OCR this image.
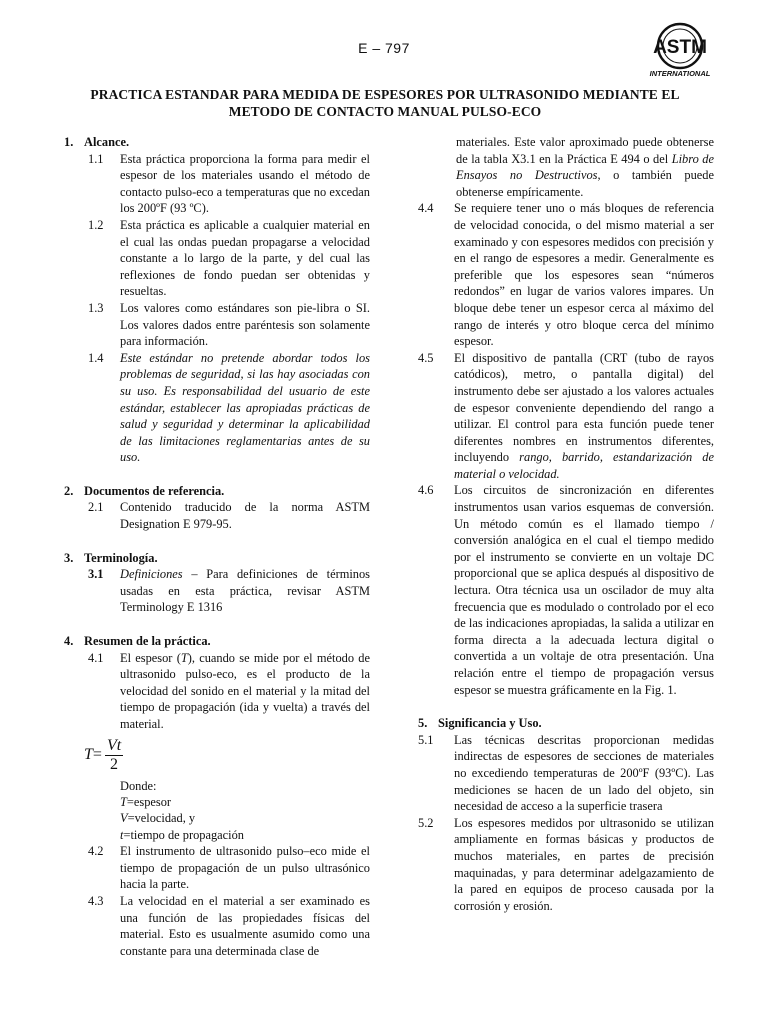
E – 797	ASTM
INTERNATIONAL
PRACTICA ESTANDAR PARA MEDIDA DE ESPESORES POR ULTRASONIDO MEDIANTE EL
METODO DE CONTACTO MANUAL PULSO-ECO
1. Alcance.
1.1	Esta práctica proporciona la forma para medir el espesor de los materiales usando el método de contacto pulso-eco a temperaturas que no excedan los 200ºF (93 ºC).
1.2	Esta práctica es aplicable a cualquier material en el cual las ondas puedan propagarse a velocidad constante a lo largo de la parte, y del cual las reflexiones de fondo puedan ser obtenidas y resueltas.
1.3	Los valores como estándares son pie-libra o SI. Los valores dados entre paréntesis son solamente para información.
1.4	Este estándar no pretende abordar todos los problemas de seguridad, si las hay asociadas con su uso. Es responsabilidad del usuario de este estándar, establecer las apropiadas prácticas de salud y seguridad y determinar la aplicabilidad de las limitaciones reglamentarias antes de su uso.
2. Documentos de referencia.
2.1	Contenido traducido de la norma ASTM Designation E 979-95.
3. Terminología.
3.1	Definiciones – Para definiciones de términos usadas en esta práctica, revisar ASTM Terminology E 1316
4. Resumen de la práctica.
4.1	El espesor (T), cuando se mide por el método de ultrasonido pulso-eco, es el producto de la velocidad del sonido en el material y la mitad del tiempo de propagación (ida y vuelta) a través del material.
$T = \frac{Vt}{2}$
Donde:
T=espesor
V=velocidad, y
t=tiempo de propagación
4.2	El instrumento de ultrasonido pulso–eco mide el tiempo de propagación de un pulso ultrasónico hacia la parte.
4.3	La velocidad en el material a ser examinado es una función de las propiedades físicas del material. Esto es usualmente asumido como una constante para una determinada clase de
materiales. Este valor aproximado puede obtenerse de la tabla X3.1 en la Práctica E 494 o del Libro de Ensayos no Destructivos, o también puede obtenerse empíricamente.
4.4	Se requiere tener uno o más bloques de referencia de velocidad conocida, o del mismo material a ser examinado y con espesores medidos con precisión y en el rango de espesores a medir. Generalmente es preferible que los espesores sean “números redondos” en lugar de varios valores impares. Un bloque debe tener un espesor cerca al máximo del rango de interés y otro bloque cerca del mínimo espesor.
4.5	El dispositivo de pantalla (CRT (tubo de rayos catódicos), metro, o pantalla digital) del instrumento debe ser ajustado a los valores actuales de espesor conveniente dependiendo del rango a utilizar. El control para esta función puede tener diferentes nombres en instrumentos diferentes, incluyendo rango, barrido, estandarización de material o velocidad.
4.6	Los circuitos de sincronización en diferentes instrumentos usan varios esquemas de conversión. Un método común es el llamado tiempo / conversión analógica en el cual el tiempo medido por el instrumento se convierte en un voltaje DC proporcional que se aplica después al dispositivo de lectura. Otra técnica usa un oscilador de muy alta frecuencia que es modulado o controlado por el eco de las indicaciones apropiadas, la salida a utilizar en forma directa a la adecuada lectura digital o convertida a un voltaje de otra presentación. Una relación entre el tiempo de propagación versus espesor se muestra gráficamente en la Fig. 1.
5. Significancia y Uso.
5.1	Las técnicas descritas proporcionan medidas indirectas de espesores de secciones de materiales no excediendo temperaturas de 200ºF (93ºC). Las mediciones se hacen de un lado del objeto, sin necesidad de acceso a la superficie trasera
5.2	Los espesores medidos por ultrasonido se utilizan ampliamente en formas básicas y productos de muchos materiales, en partes de precisión maquinadas, y para determinar adelgazamiento de la pared en equipos de proceso causada por la corrosión y erosión.
